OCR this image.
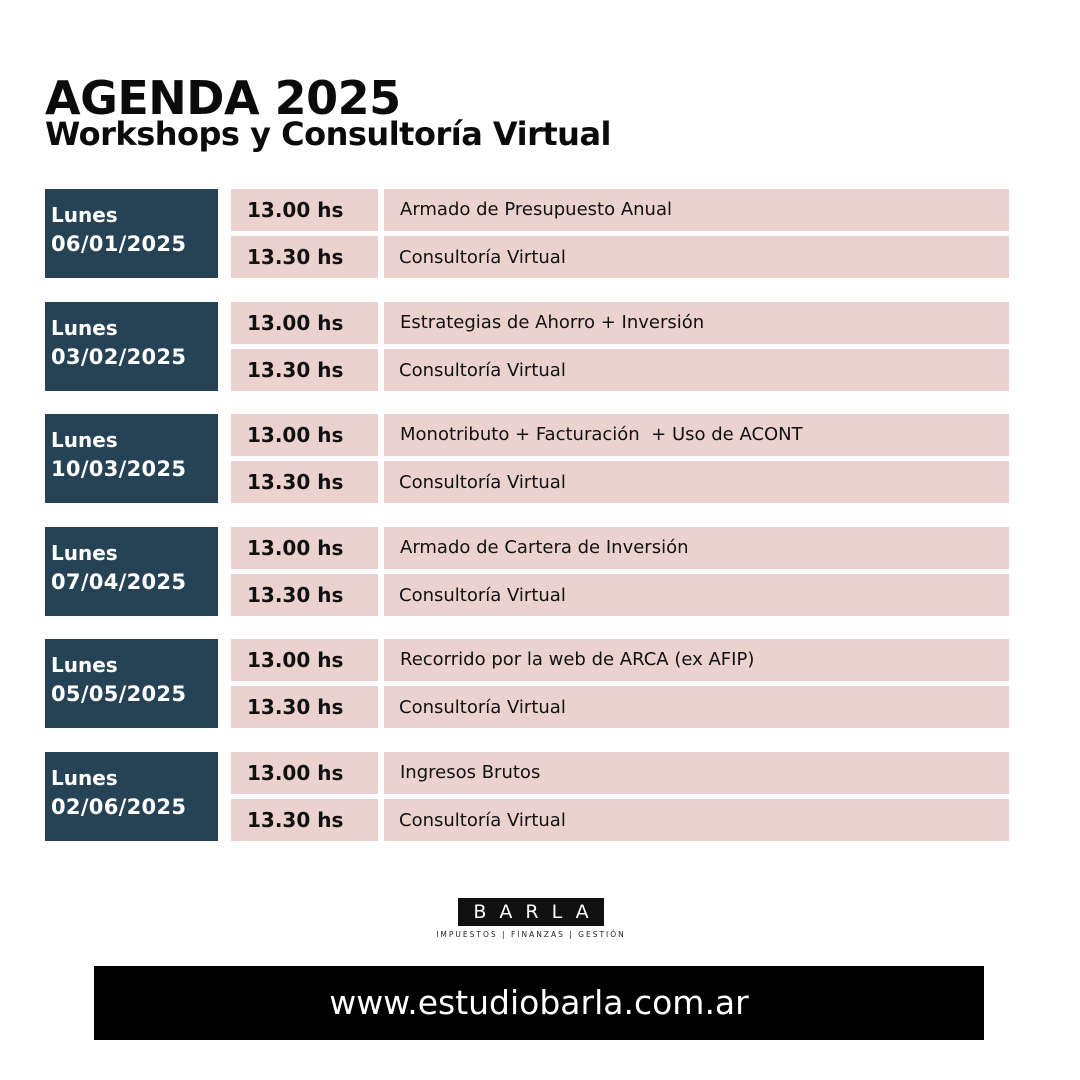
AGENDA 2025
Workshops y Consultoría Virtual
Lunes
06/01/2025
13.00 hs	Armado de Presupuesto Anual
13.30 hs	Consultoría Virtual
Lunes
03/02/2025
13.00 hs	Estrategias de Ahorro + Inversión
13.30 hs	Consultoría Virtual
Lunes
10/03/2025
13.00 hs	Monotributo + Facturación  + Uso de ACONT
13.30 hs	Consultoría Virtual
Lunes
07/04/2025
13.00 hs	Armado de Cartera de Inversión
13.30 hs	Consultoría Virtual
Lunes
05/05/2025
13.00 hs	Recorrido por la web de ARCA (ex AFIP)
13.30 hs	Consultoría Virtual
Lunes
02/06/2025
13.00 hs	Ingresos Brutos
13.30 hs	Consultoría Virtual
BARLA
IMPUESTOS | FINANZAS | GESTIÓN
www.estudiobarla.com.ar
